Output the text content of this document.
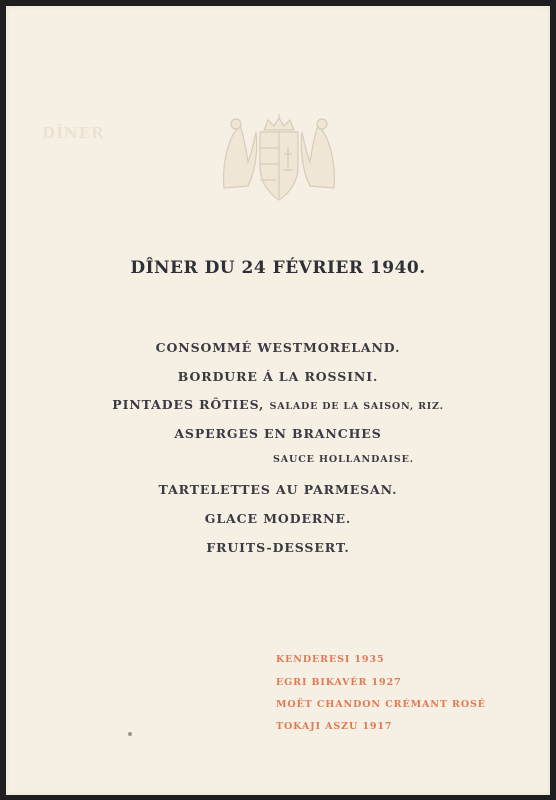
DÎNER
DÎNER DU 24 FÉVRIER 1940.
CONSOMMÉ WESTMORELAND.
BORDURE Á LA ROSSINI.
PINTADES RÔTIES, SALADE DE LA SAISON, RIZ.
ASPERGES EN BRANCHES
SAUCE HOLLANDAISE.
TARTELETTES AU PARMESAN.
GLACE MODERNE.
FRUITS-DESSERT.
KENDERESI 1935
EGRI BIKAVÉR 1927
MOËT CHANDON CRÉMANT ROSÉ
TOKAJI ASZU 1917
